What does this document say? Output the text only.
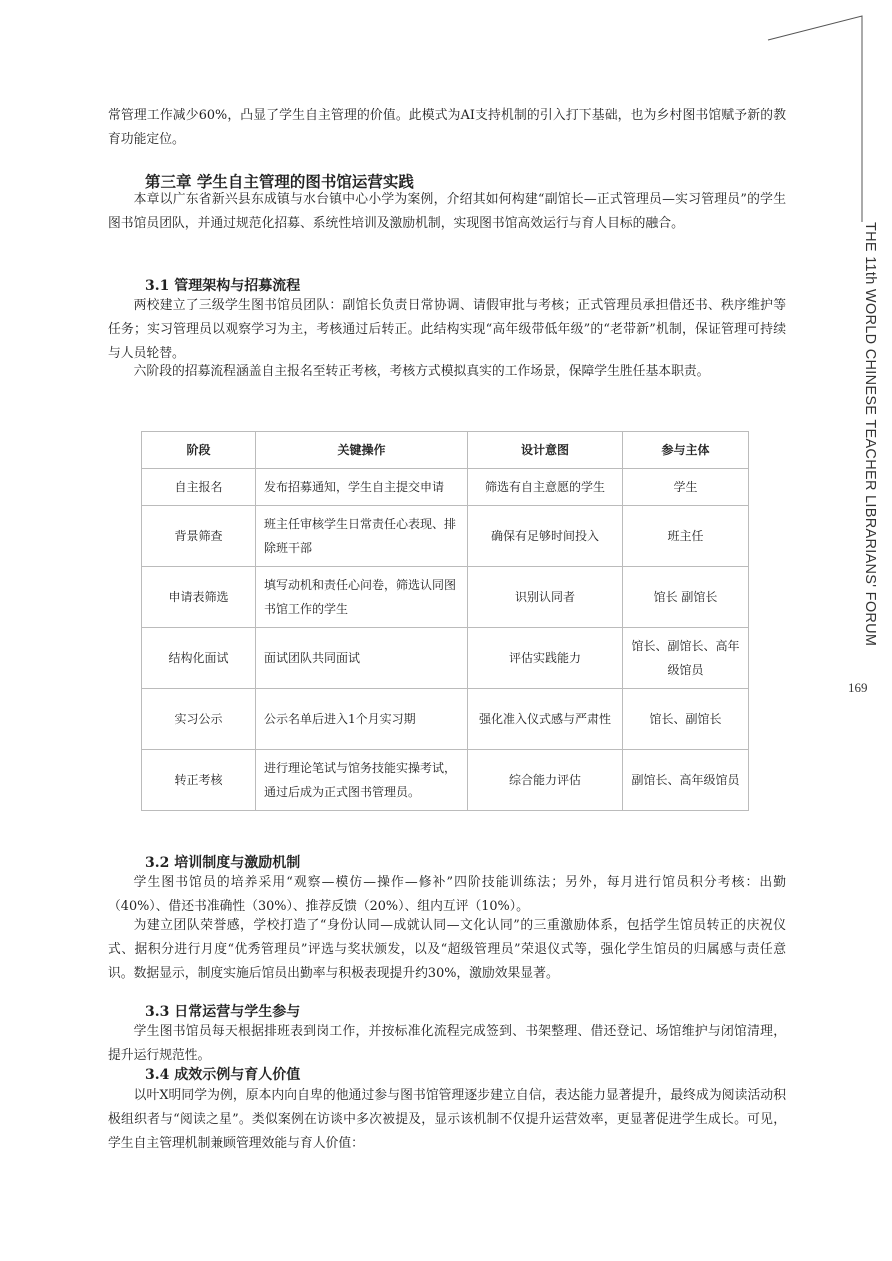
THE 11th WORLD CHINESE TEACHER LIBRARIANS' FORUM
169

常管理工作减少60%，凸显了学生自主管理的价值。此模式为AI支持机制的引入打下基础，也为乡村图书馆赋予新的教育功能定位。

第三章 学生自主管理的图书馆运营实践

本章以广东省新兴县东成镇与水台镇中心小学为案例，介绍其如何构建“副馆长—正式管理员—实习管理员”的学生图书馆员团队，并通过规范化招募、系统性培训及激励机制，实现图书馆高效运行与育人目标的融合。

3.1 管理架构与招募流程

两校建立了三级学生图书馆员团队：副馆长负责日常协调、请假审批与考核；正式管理员承担借还书、秩序维护等任务；实习管理员以观察学习为主，考核通过后转正。此结构实现“高年级带低年级”的“老带新”机制，保证管理可持续与人员轮替。

六阶段的招募流程涵盖自主报名至转正考核，考核方式模拟真实的工作场景，保障学生胜任基本职责。

阶段	关键操作	设计意图	参与主体
自主报名	发布招募通知，学生自主提交申请	筛选有自主意愿的学生	学生
背景筛查	班主任审核学生日常责任心表现、排除班干部	确保有足够时间投入	班主任
申请表筛选	填写动机和责任心问卷，筛选认同图书馆工作的学生	识别认同者	馆长 副馆长
结构化面试	面试团队共同面试	评估实践能力	馆长、副馆长、高年级馆员
实习公示	公示名单后进入1个月实习期	强化准入仪式感与严肃性	馆长、副馆长
转正考核	进行理论笔试与馆务技能实操考试，通过后成为正式图书管理员。	综合能力评估	副馆长、高年级馆员
3.2 培训制度与激励机制

学生图书馆员的培养采用“观察—模仿—操作—修补”四阶技能训练法；另外，每月进行馆员积分考核：出勤（40%）、借还书准确性（30%）、推荐反馈（20%）、组内互评（10%）。

为建立团队荣誉感，学校打造了“身份认同—成就认同—文化认同”的三重激励体系，包括学生馆员转正的庆祝仪式、据积分进行月度“优秀管理员”评选与奖状颁发，以及“超级管理员”荣退仪式等，强化学生馆员的归属感与责任意识。数据显示，制度实施后馆员出勤率与积极表现提升约30%，激励效果显著。

3.3 日常运营与学生参与

学生图书馆员每天根据排班表到岗工作，并按标准化流程完成签到、书架整理、借还登记、场馆维护与闭馆清理，提升运行规范性。

3.4 成效示例与育人价值

以叶X明同学为例，原本内向自卑的他通过参与图书馆管理逐步建立自信，表达能力显著提升，最终成为阅读活动积极组织者与“阅读之星”。类似案例在访谈中多次被提及，显示该机制不仅提升运营效率，更显著促进学生成长。可见，学生自主管理机制兼顾管理效能与育人价值：
